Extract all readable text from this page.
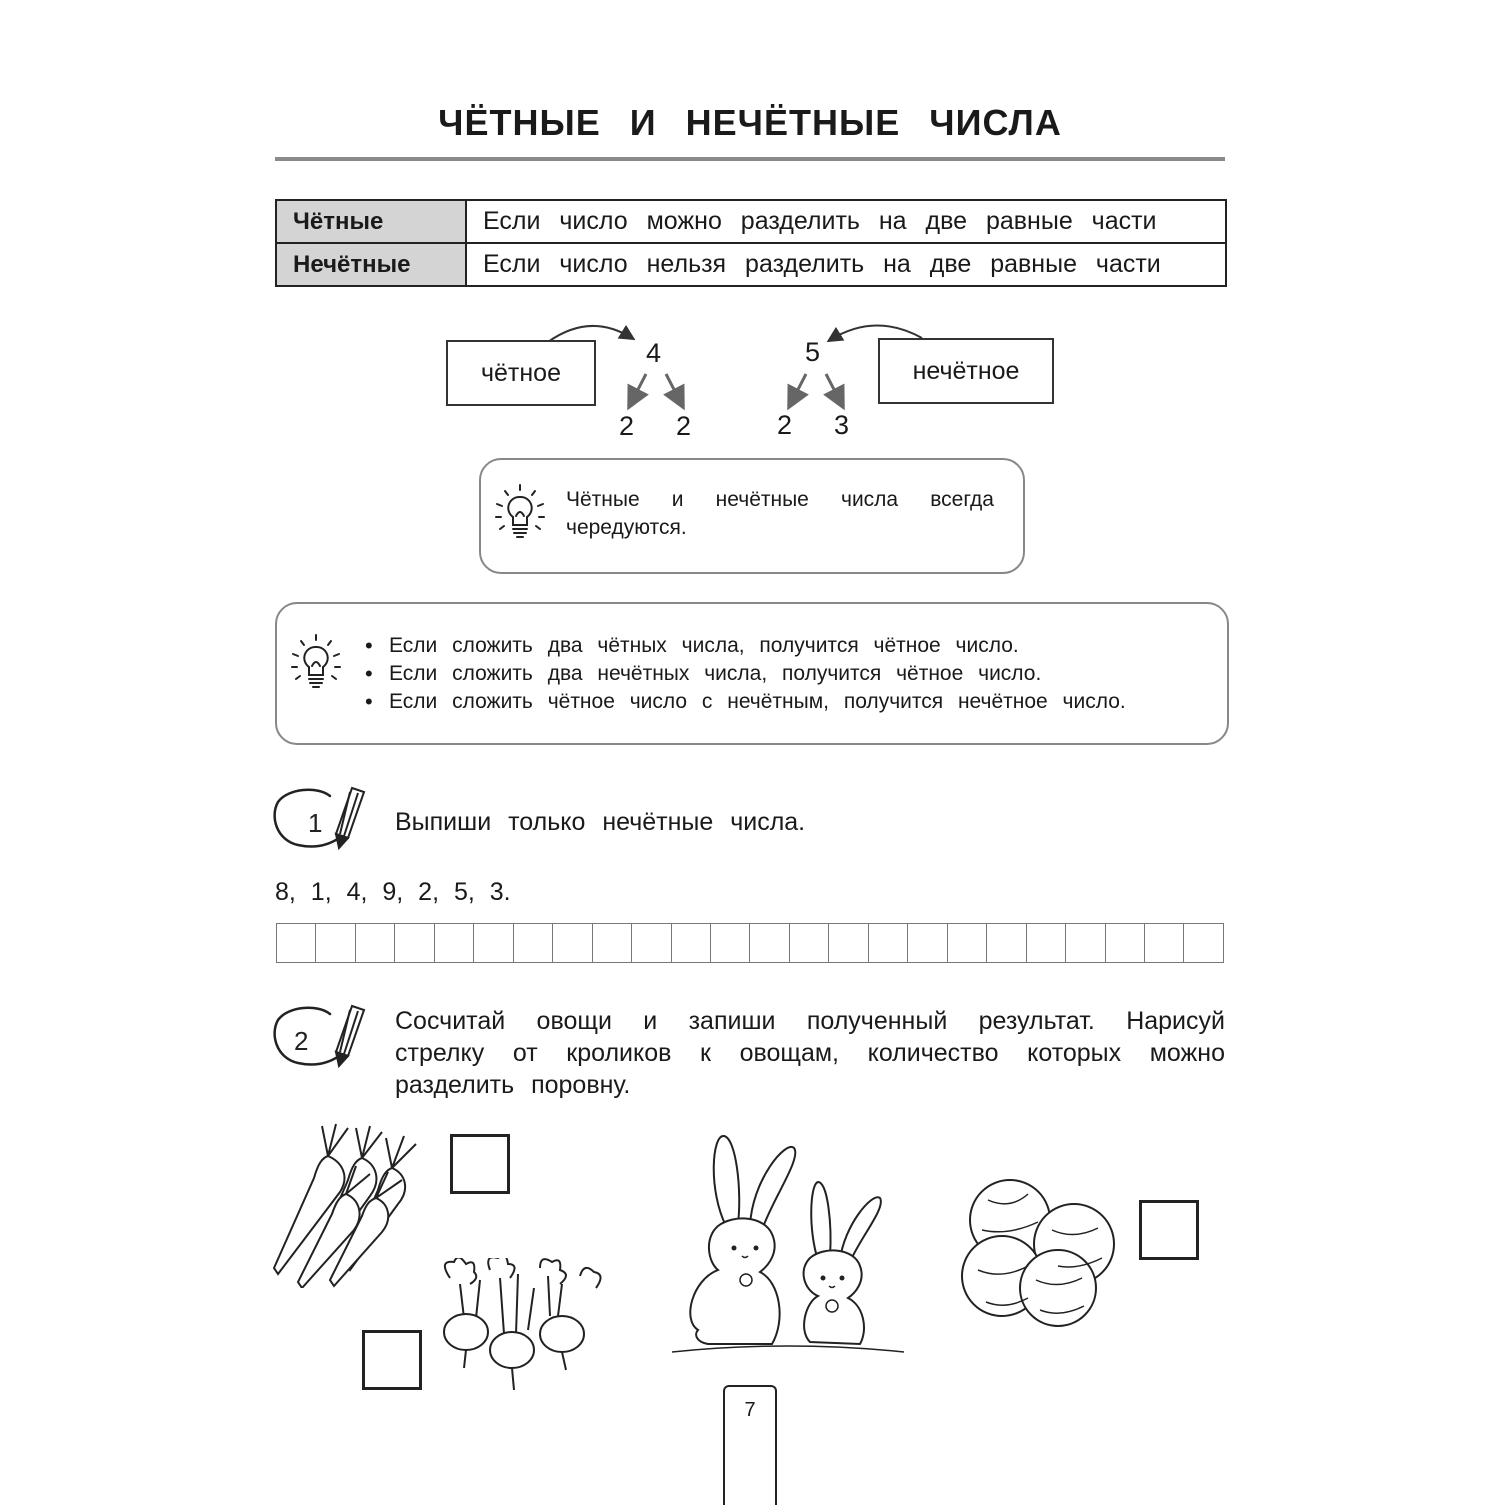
ЧЁТНЫЕ И НЕЧЁТНЫЕ ЧИСЛА
Чётные	Если число можно разделить на две равные части
Нечётные	Если число нельзя разделить на две равные части
чётное
4
2 2
нечётное
5
2 3
Чётные и нечётные числа всегда
чередуются.
• Если сложить два чётных числа, получится чётное число.
• Если сложить два нечётных числа, получится чётное число.
• Если сложить чётное число с нечётным, получится нечётное число.
1	Выпиши только нечётные числа.
8, 1, 4, 9, 2, 5, 3.
2
Сосчитай овощи и запиши полученный результат. Нарисуй
стрелку от кроликов к овощам, количество которых можно
разделить поровну.
7
